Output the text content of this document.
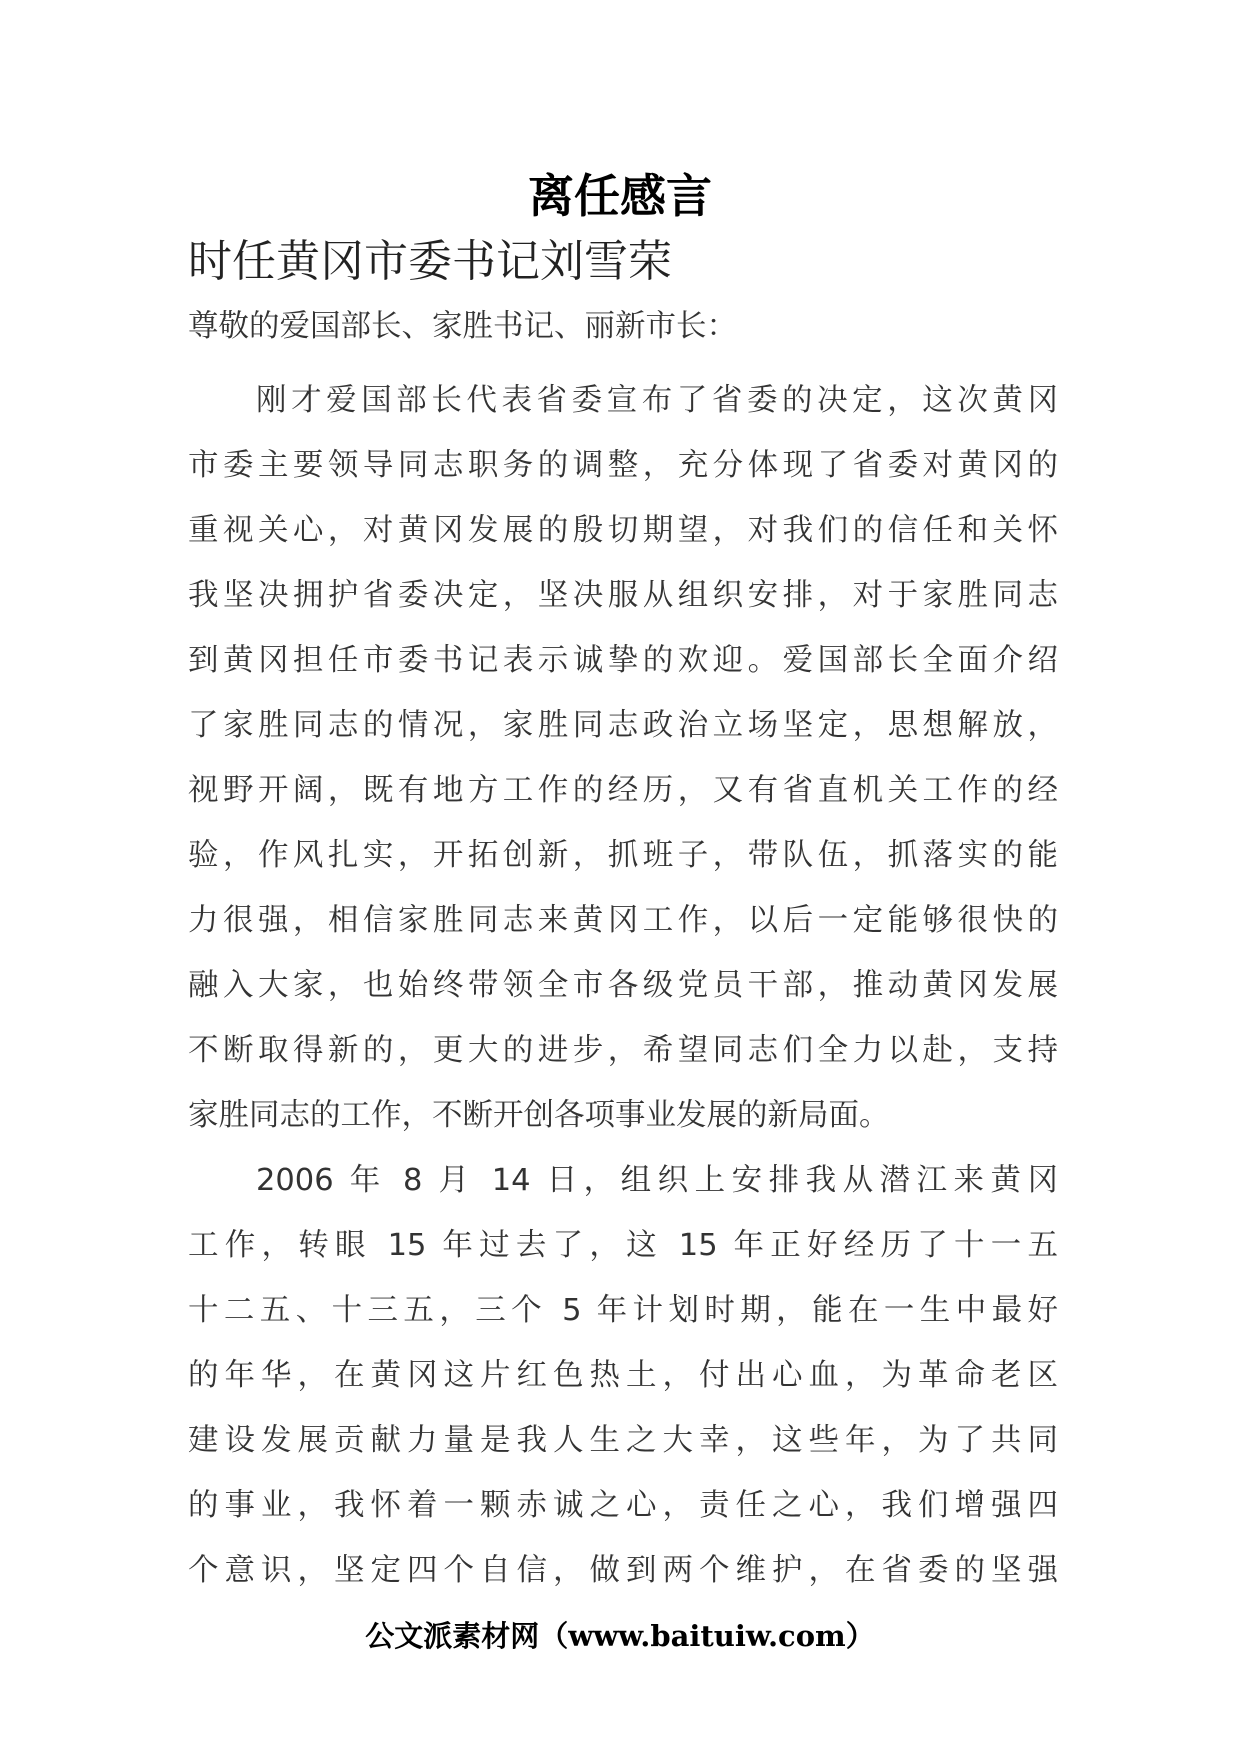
离任感言
时任黄冈市委书记刘雪荣
尊敬的爱国部长、家胜书记、丽新市长：
刚才爱国部长代表省委宣布了省委的决定，这次黄冈
市委主要领导同志职务的调整，充分体现了省委对黄冈的
重视关心，对黄冈发展的殷切期望，对我们的信任和关怀
我坚决拥护省委决定，坚决服从组织安排，对于家胜同志
到黄冈担任市委书记表示诚挚的欢迎。爱国部长全面介绍
了家胜同志的情况，家胜同志政治立场坚定，思想解放，
视野开阔，既有地方工作的经历，又有省直机关工作的经
验，作风扎实，开拓创新，抓班子，带队伍，抓落实的能
力很强，相信家胜同志来黄冈工作，以后一定能够很快的
融入大家，也始终带领全市各级党员干部，推动黄冈发展
不断取得新的，更大的进步，希望同志们全力以赴，支持
家胜同志的工作，不断开创各项事业发展的新局面。
2006 年 8 月 14 日，组织上安排我从潜江来黄冈
工作，转眼 15 年过去了，这 15 年正好经历了十一五
十二五、十三五，三个 5 年计划时期，能在一生中最好
的年华，在黄冈这片红色热土，付出心血，为革命老区
建设发展贡献力量是我人生之大幸，这些年，为了共同
的事业，我怀着一颗赤诚之心，责任之心，我们增强四
个意识，坚定四个自信，做到两个维护，在省委的坚强
公文派素材网（www.baituiw.com）
